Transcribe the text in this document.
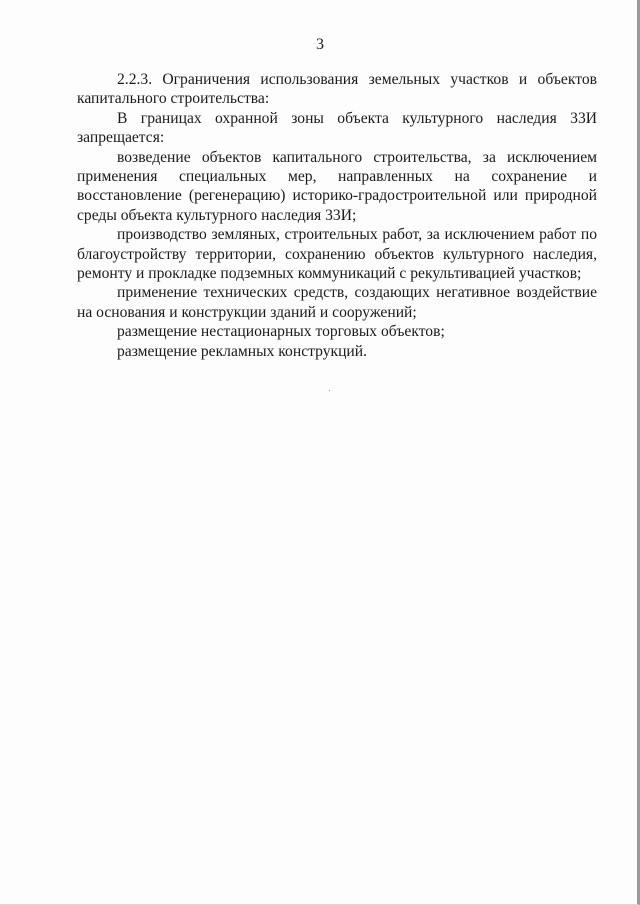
3

2.2.3. Ограничения использования земельных участков и объектов капитального строительства:

В границах охранной зоны объекта культурного наследия 33И запрещается:

возведение объектов капитального строительства, за исключением применения специальных мер, направленных на сохранение и восстановление (регенерацию) историко-градостроительной или природной среды объекта культурного наследия 33И;

производство земляных, строительных работ, за исключением работ по благоустройству территории, сохранению объектов культурного наследия, ремонту и прокладке подземных коммуникаций с рекультивацией участков;

применение технических средств, создающих негативное воздействие на основания и конструкции зданий и сооружений;

размещение нестационарных торговых объектов;

размещение рекламных конструкций.
